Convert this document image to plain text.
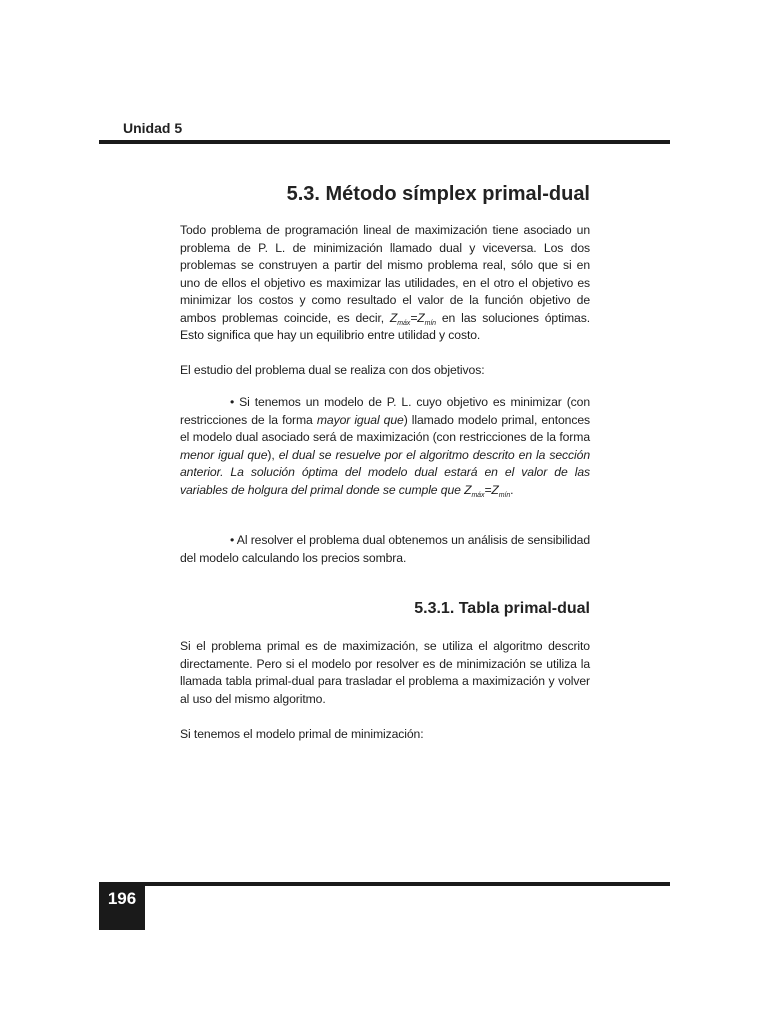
Unidad 5
5.3. Método símplex primal-dual
Todo problema de programación lineal de maximización tiene asociado un problema de P. L. de minimización llamado dual y viceversa. Los dos problemas se construyen a partir del mismo problema real, sólo que si en uno de ellos el objetivo es maximizar las utilidades, en el otro el objetivo es minimizar los costos y como resultado el valor de la función objetivo de ambos problemas coincide, es decir, $Z_{máx}=Z_{mín}$ en las soluciones óptimas. Esto significa que hay un equilibrio entre utilidad y costo.
El estudio del problema dual se realiza con dos objetivos:
• Si tenemos un modelo de P. L. cuyo objetivo es minimizar (con restricciones de la forma mayor igual que) llamado modelo primal, entonces el modelo dual asociado será de maximización (con restricciones de la forma menor igual que), el dual se resuelve por el algoritmo descrito en la sección anterior. La solución óptima del modelo dual estará en el valor de las variables de holgura del primal donde se cumple que $Z_{máx}=Z_{mín}$.
• Al resolver el problema dual obtenemos un análisis de sensibilidad del modelo calculando los precios sombra.
5.3.1. Tabla primal-dual
Si el problema primal es de maximización, se utiliza el algoritmo descrito directamente. Pero si el modelo por resolver es de minimización se utiliza la llamada tabla primal-dual para trasladar el problema a maximización y volver al uso del mismo algoritmo.
Si tenemos el modelo primal de minimización:
196
